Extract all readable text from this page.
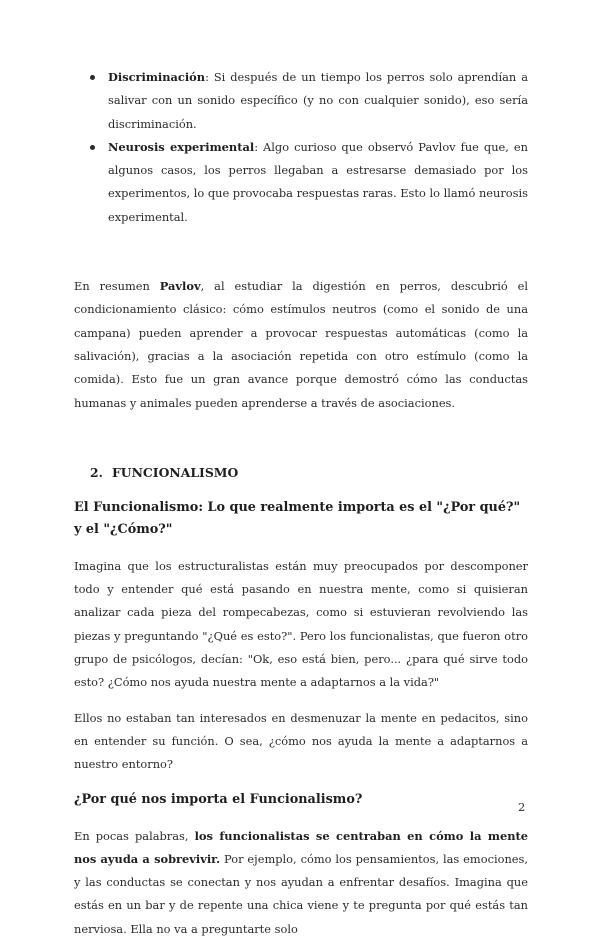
Discriminación: Si después de un tiempo los perros solo aprendían a salivar con un sonido específico (y no con cualquier sonido), eso sería discriminación.
Neurosis experimental: Algo curioso que observó Pavlov fue que, en algunos casos, los perros llegaban a estresarse demasiado por los experimentos, lo que provocaba respuestas raras. Esto lo llamó neurosis experimental.

En resumen Pavlov, al estudiar la digestión en perros, descubrió el condicionamiento clásico: cómo estímulos neutros (como el sonido de una campana) pueden aprender a provocar respuestas automáticas (como la salivación), gracias a la asociación repetida con otro estímulo (como la comida). Esto fue un gran avance porque demostró cómo las conductas humanas y animales pueden aprenderse a través de asociaciones.

2. FUNCIONALISMO
El Funcionalismo: Lo que realmente importa es el "¿Por qué?" y el "¿Cómo?"

Imagina que los estructuralistas están muy preocupados por descomponer todo y entender qué está pasando en nuestra mente, como si quisieran analizar cada pieza del rompecabezas, como si estuvieran revolviendo las piezas y preguntando "¿Qué es esto?". Pero los funcionalistas, que fueron otro grupo de psicólogos, decían: "Ok, eso está bien, pero... ¿para qué sirve todo esto? ¿Cómo nos ayuda nuestra mente a adaptarnos a la vida?"

Ellos no estaban tan interesados en desmenuzar la mente en pedacitos, sino en entender su función. O sea, ¿cómo nos ayuda la mente a adaptarnos a nuestro entorno?

¿Por qué nos importa el Funcionalismo?

En pocas palabras, los funcionalistas se centraban en cómo la mente nos ayuda a sobrevivir. Por ejemplo, cómo los pensamientos, las emociones, y las conductas se conectan y nos ayudan a enfrentar desafíos. Imagina que estás en un bar y de repente una chica viene y te pregunta por qué estás tan nerviosa. Ella no va a preguntarte solo

2
